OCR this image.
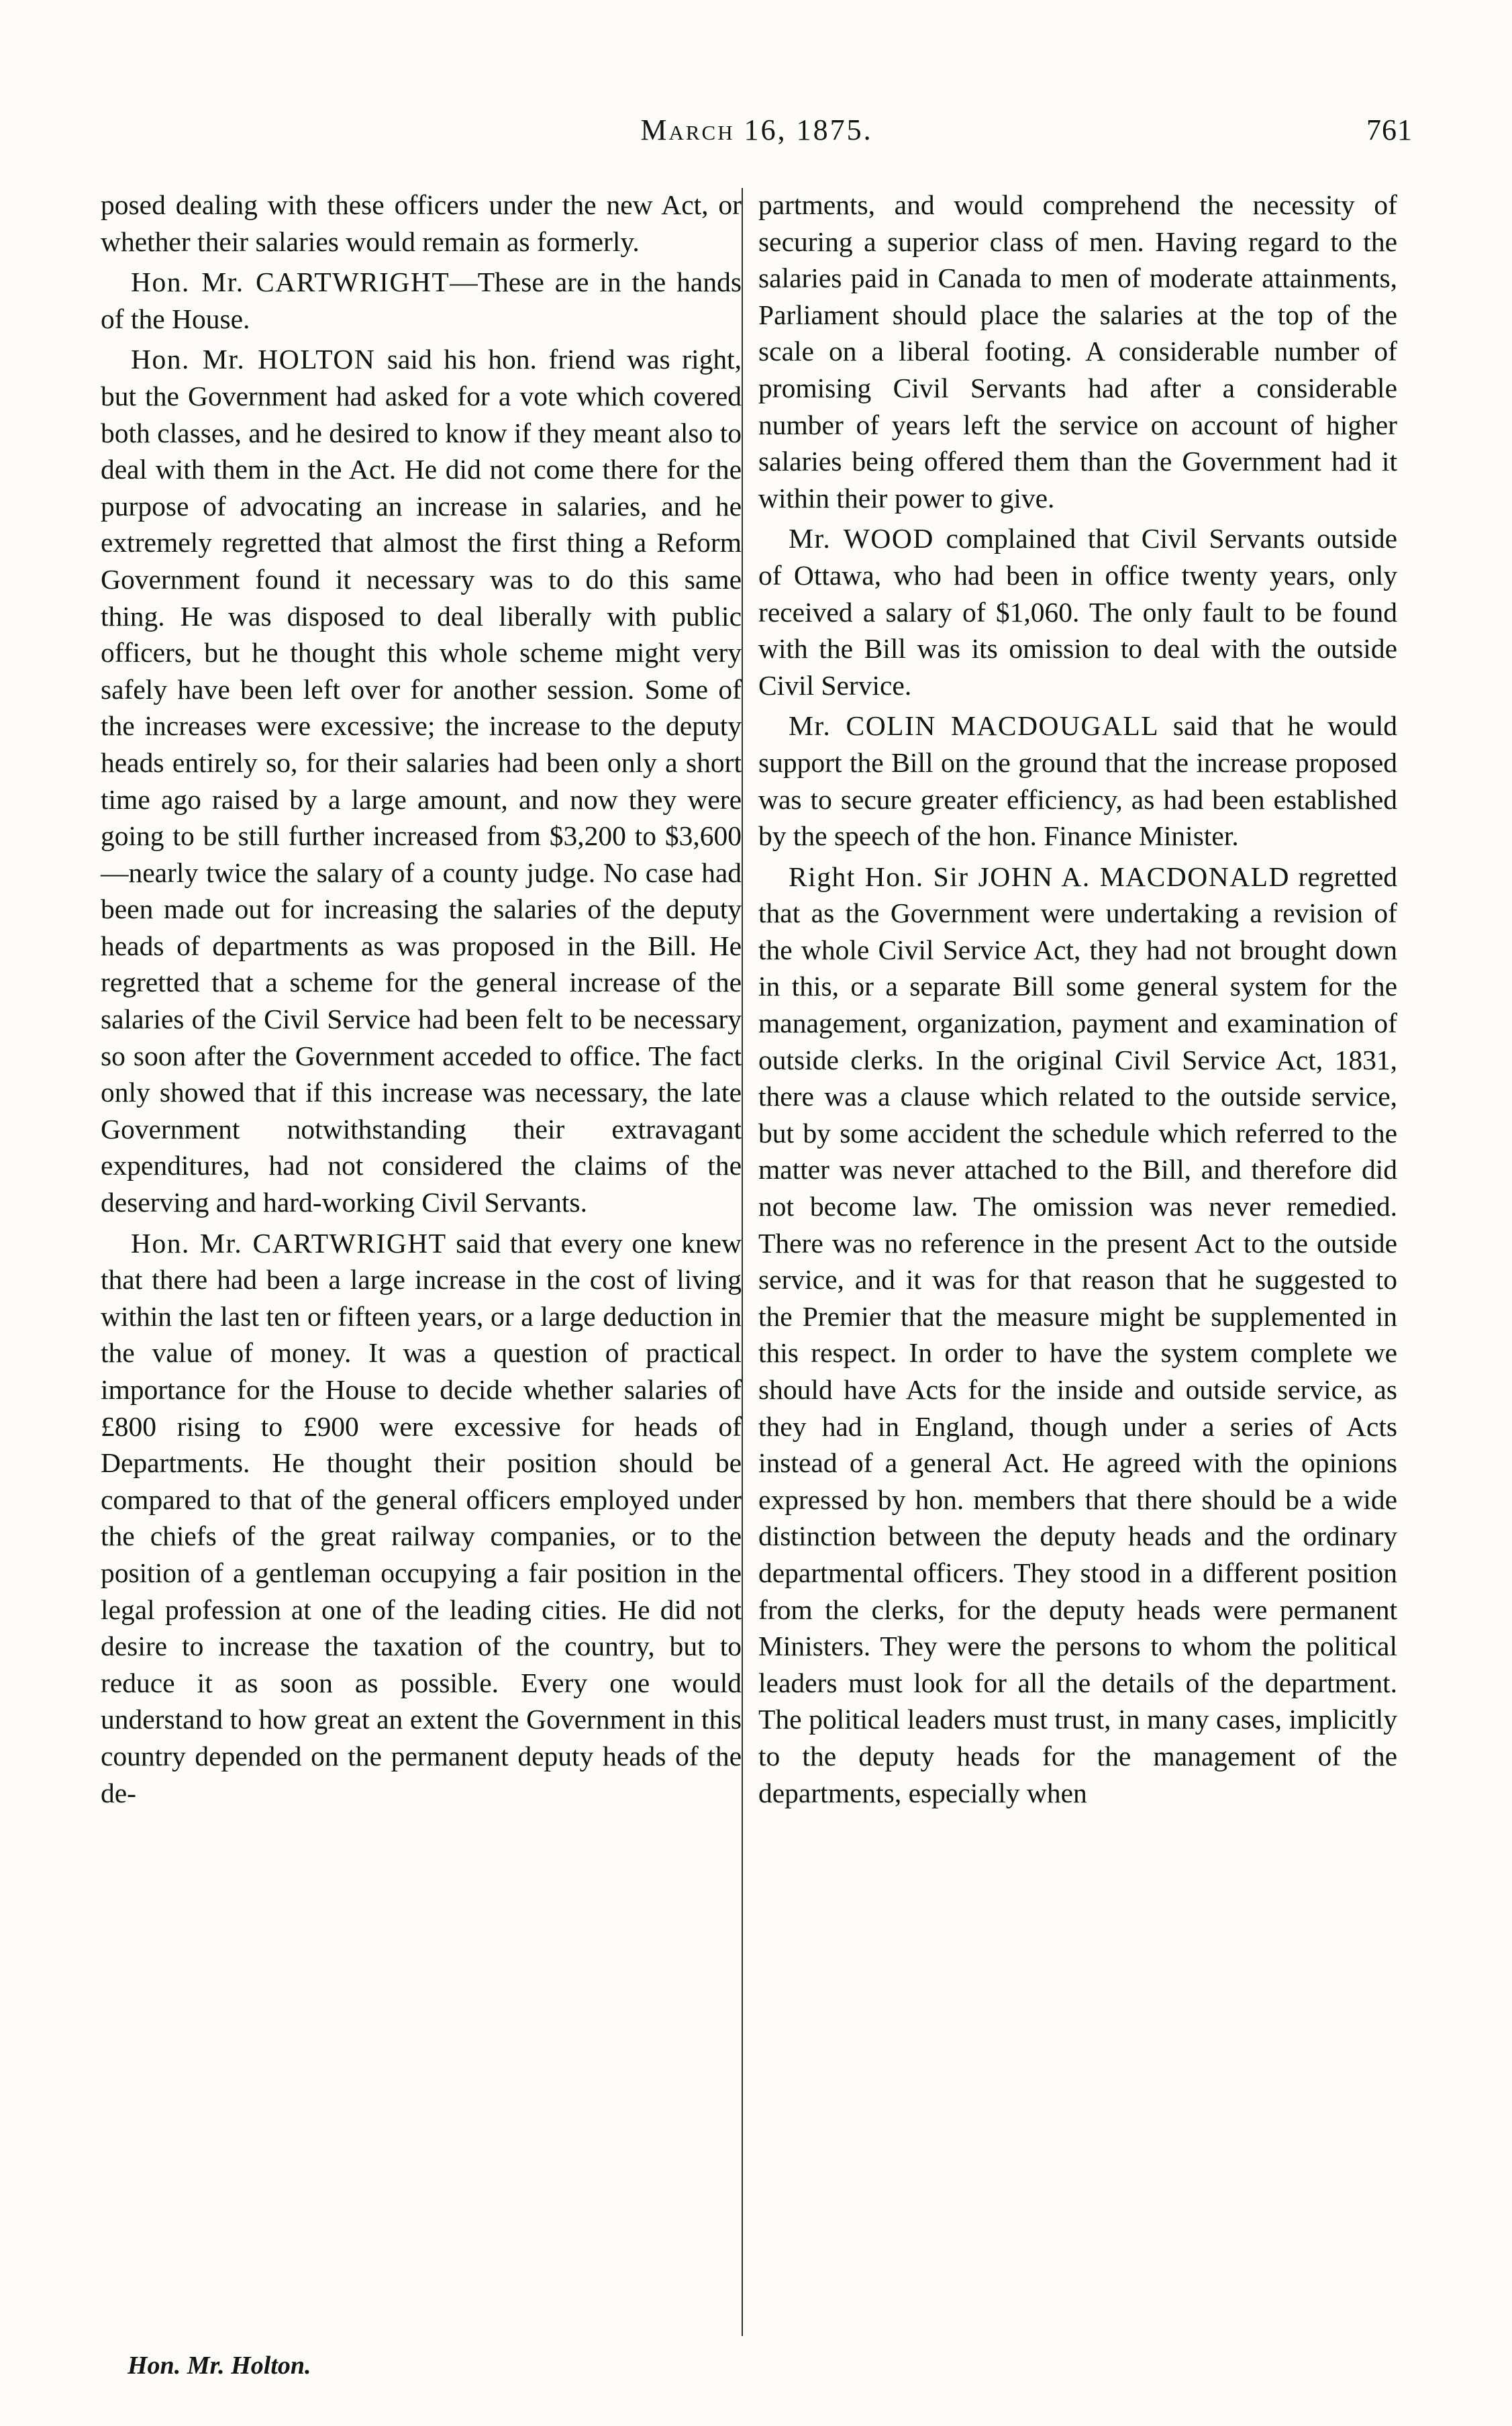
March 16, 1875.	761

posed dealing with these officers under the new Act, or whether their salaries would remain as formerly.

Hon. Mr. CARTWRIGHT—These are in the hands of the House.

Hon. Mr. HOLTON said his hon. friend was right, but the Government had asked for a vote which covered both classes, and he desired to know if they meant also to deal with them in the Act. He did not come there for the purpose of advocating an increase in salaries, and he extremely regretted that almost the first thing a Reform Government found it necessary was to do this same thing. He was disposed to deal liberally with public officers, but he thought this whole scheme might very safely have been left over for another session. Some of the increases were excessive; the increase to the deputy heads entirely so, for their salaries had been only a short time ago raised by a large amount, and now they were going to be still further increased from $3,200 to $3,600—nearly twice the salary of a county judge. No case had been made out for increasing the salaries of the deputy heads of departments as was proposed in the Bill. He regretted that a scheme for the general increase of the salaries of the Civil Service had been felt to be necessary so soon after the Government acceded to office. The fact only showed that if this increase was necessary, the late Government notwithstanding their extravagant expenditures, had not considered the claims of the deserving and hard-working Civil Servants.

Hon. Mr. CARTWRIGHT said that every one knew that there had been a large increase in the cost of living within the last ten or fifteen years, or a large deduction in the value of money. It was a question of practical importance for the House to decide whether salaries of £800 rising to £900 were excessive for heads of Departments. He thought their position should be compared to that of the general officers employed under the chiefs of the great railway companies, or to the position of a gentleman occupying a fair position in the legal profession at one of the leading cities. He did not desire to increase the taxation of the country, but to reduce it as soon as possible. Every one would understand to how great an extent the Government in this country depended on the permanent deputy heads of the de-

partments, and would comprehend the necessity of securing a superior class of men. Having regard to the salaries paid in Canada to men of moderate attainments, Parliament should place the salaries at the top of the scale on a liberal footing. A considerable number of promising Civil Servants had after a considerable number of years left the service on account of higher salaries being offered them than the Government had it within their power to give.

Mr. WOOD complained that Civil Servants outside of Ottawa, who had been in office twenty years, only received a salary of $1,060. The only fault to be found with the Bill was its omission to deal with the outside Civil Service.

Mr. COLIN MACDOUGALL said that he would support the Bill on the ground that the increase proposed was to secure greater efficiency, as had been established by the speech of the hon. Finance Minister.

Right Hon. Sir JOHN A. MACDONALD regretted that as the Government were undertaking a revision of the whole Civil Service Act, they had not brought down in this, or a separate Bill some general system for the management, organization, payment and examination of outside clerks. In the original Civil Service Act, 1831, there was a clause which related to the outside service, but by some accident the schedule which referred to the matter was never attached to the Bill, and therefore did not become law. The omission was never remedied. There was no reference in the present Act to the outside service, and it was for that reason that he suggested to the Premier that the measure might be supplemented in this respect. In order to have the system complete we should have Acts for the inside and outside service, as they had in England, though under a series of Acts instead of a general Act. He agreed with the opinions expressed by hon. members that there should be a wide distinction between the deputy heads and the ordinary departmental officers. They stood in a different position from the clerks, for the deputy heads were permanent Ministers. They were the persons to whom the political leaders must look for all the details of the department. The political leaders must trust, in many cases, implicitly to the deputy heads for the management of the departments, especially when

Hon. Mr. Holton.
